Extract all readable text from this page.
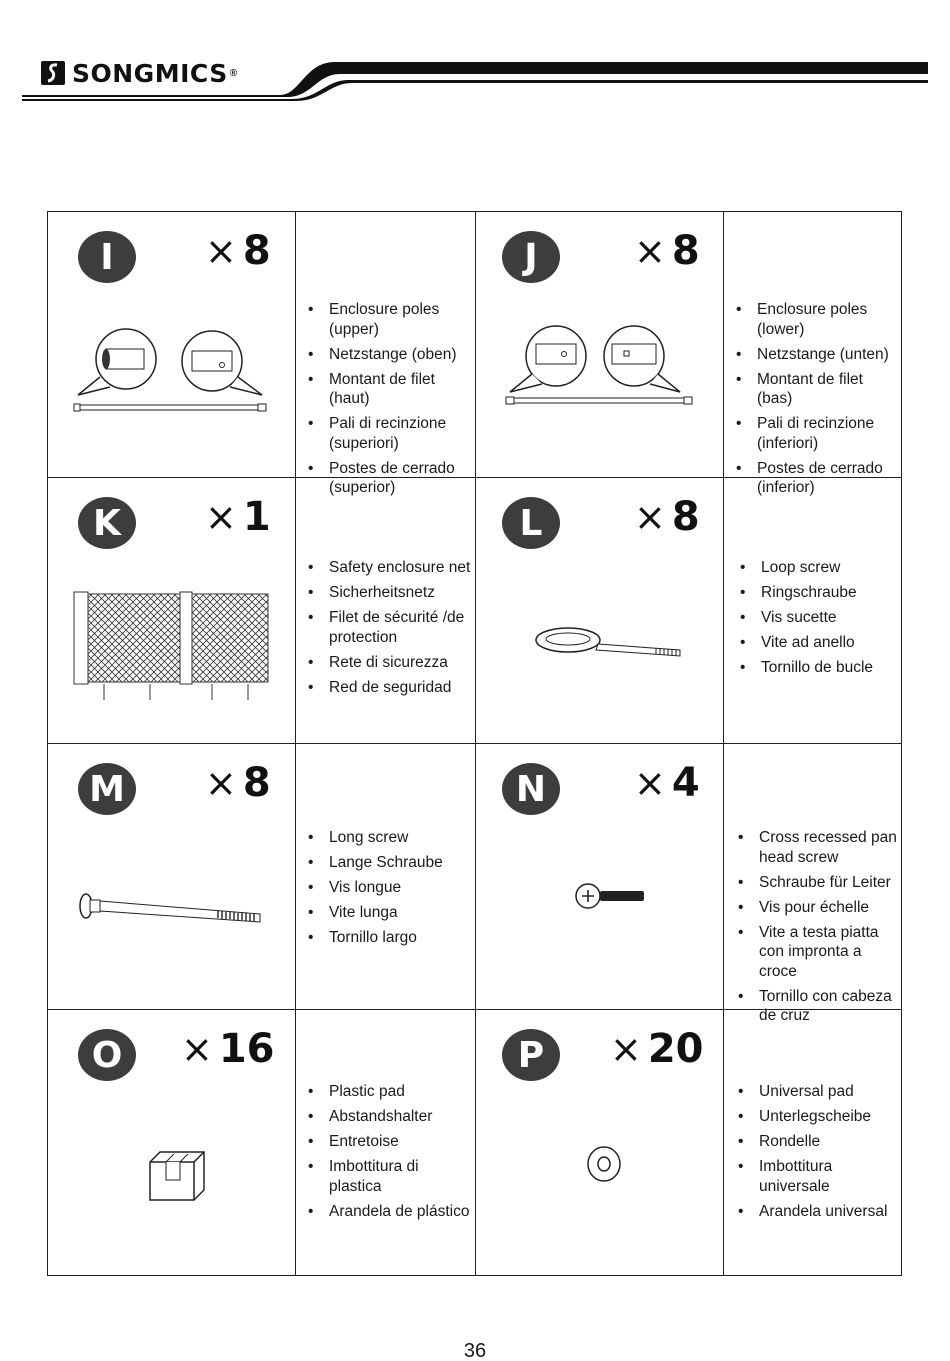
SONGMICS ®
I	× 8
• Enclosure poles (upper)
• Netzstange (oben)
• Montant de filet (haut)
• Pali di recinzione (superiori)
• Postes de cerrado (superior)
J	× 8
• Enclosure poles (lower)
• Netzstange (unten)
• Montant de filet (bas)
• Pali di recinzione (inferiori)
• Postes de cerrado (inferior)
K	× 1
• Safety enclosure net
• Sicherheitsnetz
• Filet de sécurité /de protection
• Rete di sicurezza
• Red de seguridad
L	× 8
• Loop screw
• Ringschraube
• Vis sucette
• Vite ad anello
• Tornillo de bucle
M × 8
• Long screw
• Lange Schraube
• Vis longue
• Vite lunga
• Tornillo largo
N	× 4
• Cross recessed pan head screw
• Schraube für Leiter
• Vis pour échelle
• Vite a testa piatta con impronta a croce
• Tornillo con cabeza de cruz
O	× 16
• Plastic pad
• Abstandshalter
• Entretoise
• Imbottitura di plastica
• Arandela de plástico
P	× 20
• Universal pad
• Unterlegscheibe
• Rondelle
• Imbottitura universale
• Arandela universal
36
